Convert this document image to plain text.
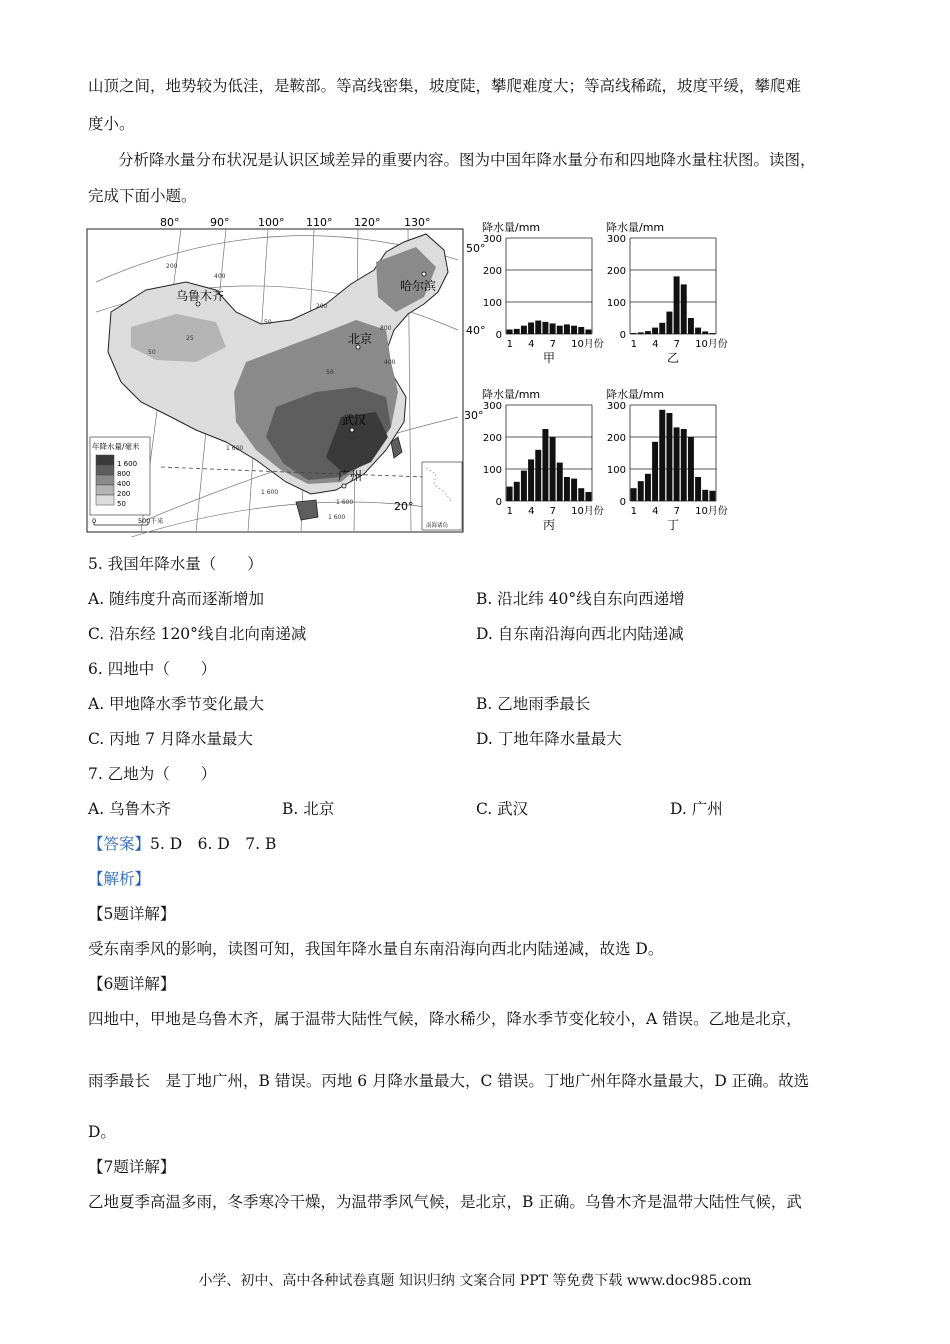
山顶之间，地势较为低洼，是鞍部。等高线密集，坡度陡，攀爬难度大；等高线稀疏，坡度平缓，攀爬难
度小。
分析降水量分布状况是认识区域差异的重要内容。图为中国年降水量分布和四地降水量柱状图。读图，
完成下面小题。
80°	90°	100° 110° 120° 130°
50°
40°
30°
20°
200
400
50
200
50
400
25
50
800
1 600
1 600
1 600
1 600
乌鲁木齐
哈尔滨
北京
武汉
广州
年降水量/毫米
1 600
800
400
200
50
0	500千米
南海诸岛
降水量/mm
0
100
200
300
1 4 7 10月份
甲
降水量/mm
0
100
200
300
1 4 7 10月份
乙
降水量/mm
0
100
200
300
1 4 7 10月份
丙
降水量/mm
0
100
200
300
1 4 7 10月份
丁
5. 我国年降水量（　　）
A. 随纬度升高而逐渐增加	B. 沿北纬 40°线自东向西递增
C. 沿东经 120°线自北向南递减	D. 自东南沿海向西北内陆递减
6. 四地中（　　）
A. 甲地降水季节变化最大	B. 乙地雨季最长
C. 丙地 7 月降水量最大	D. 丁地年降水量最大
7. 乙地为（　　）
A. 乌鲁木齐	B. 北京	C. 武汉	D. 广州
【答案】5. D　6. D　7. B
【解析】
【5题详解】
受东南季风的影响，读图可知，我国年降水量自东南沿海向西北内陆递减，故选 D。
【6题详解】
四地中，甲地是乌鲁木齐，属于温带大陆性气候，降水稀少，降水季节变化较小，A 错误。乙地是北京，
雨季最长　是丁地广州，B 错误。丙地 6 月降水量最大，C 错误。丁地广州年降水量最大，D 正确。故选
D。
【7题详解】
乙地夏季高温多雨，冬季寒冷干燥，为温带季风气候，是北京，B 正确。乌鲁木齐是温带大陆性气候，武
小学、初中、高中各种试卷真题 知识归纳 文案合同 PPT 等免费下载 www.doc985.com
